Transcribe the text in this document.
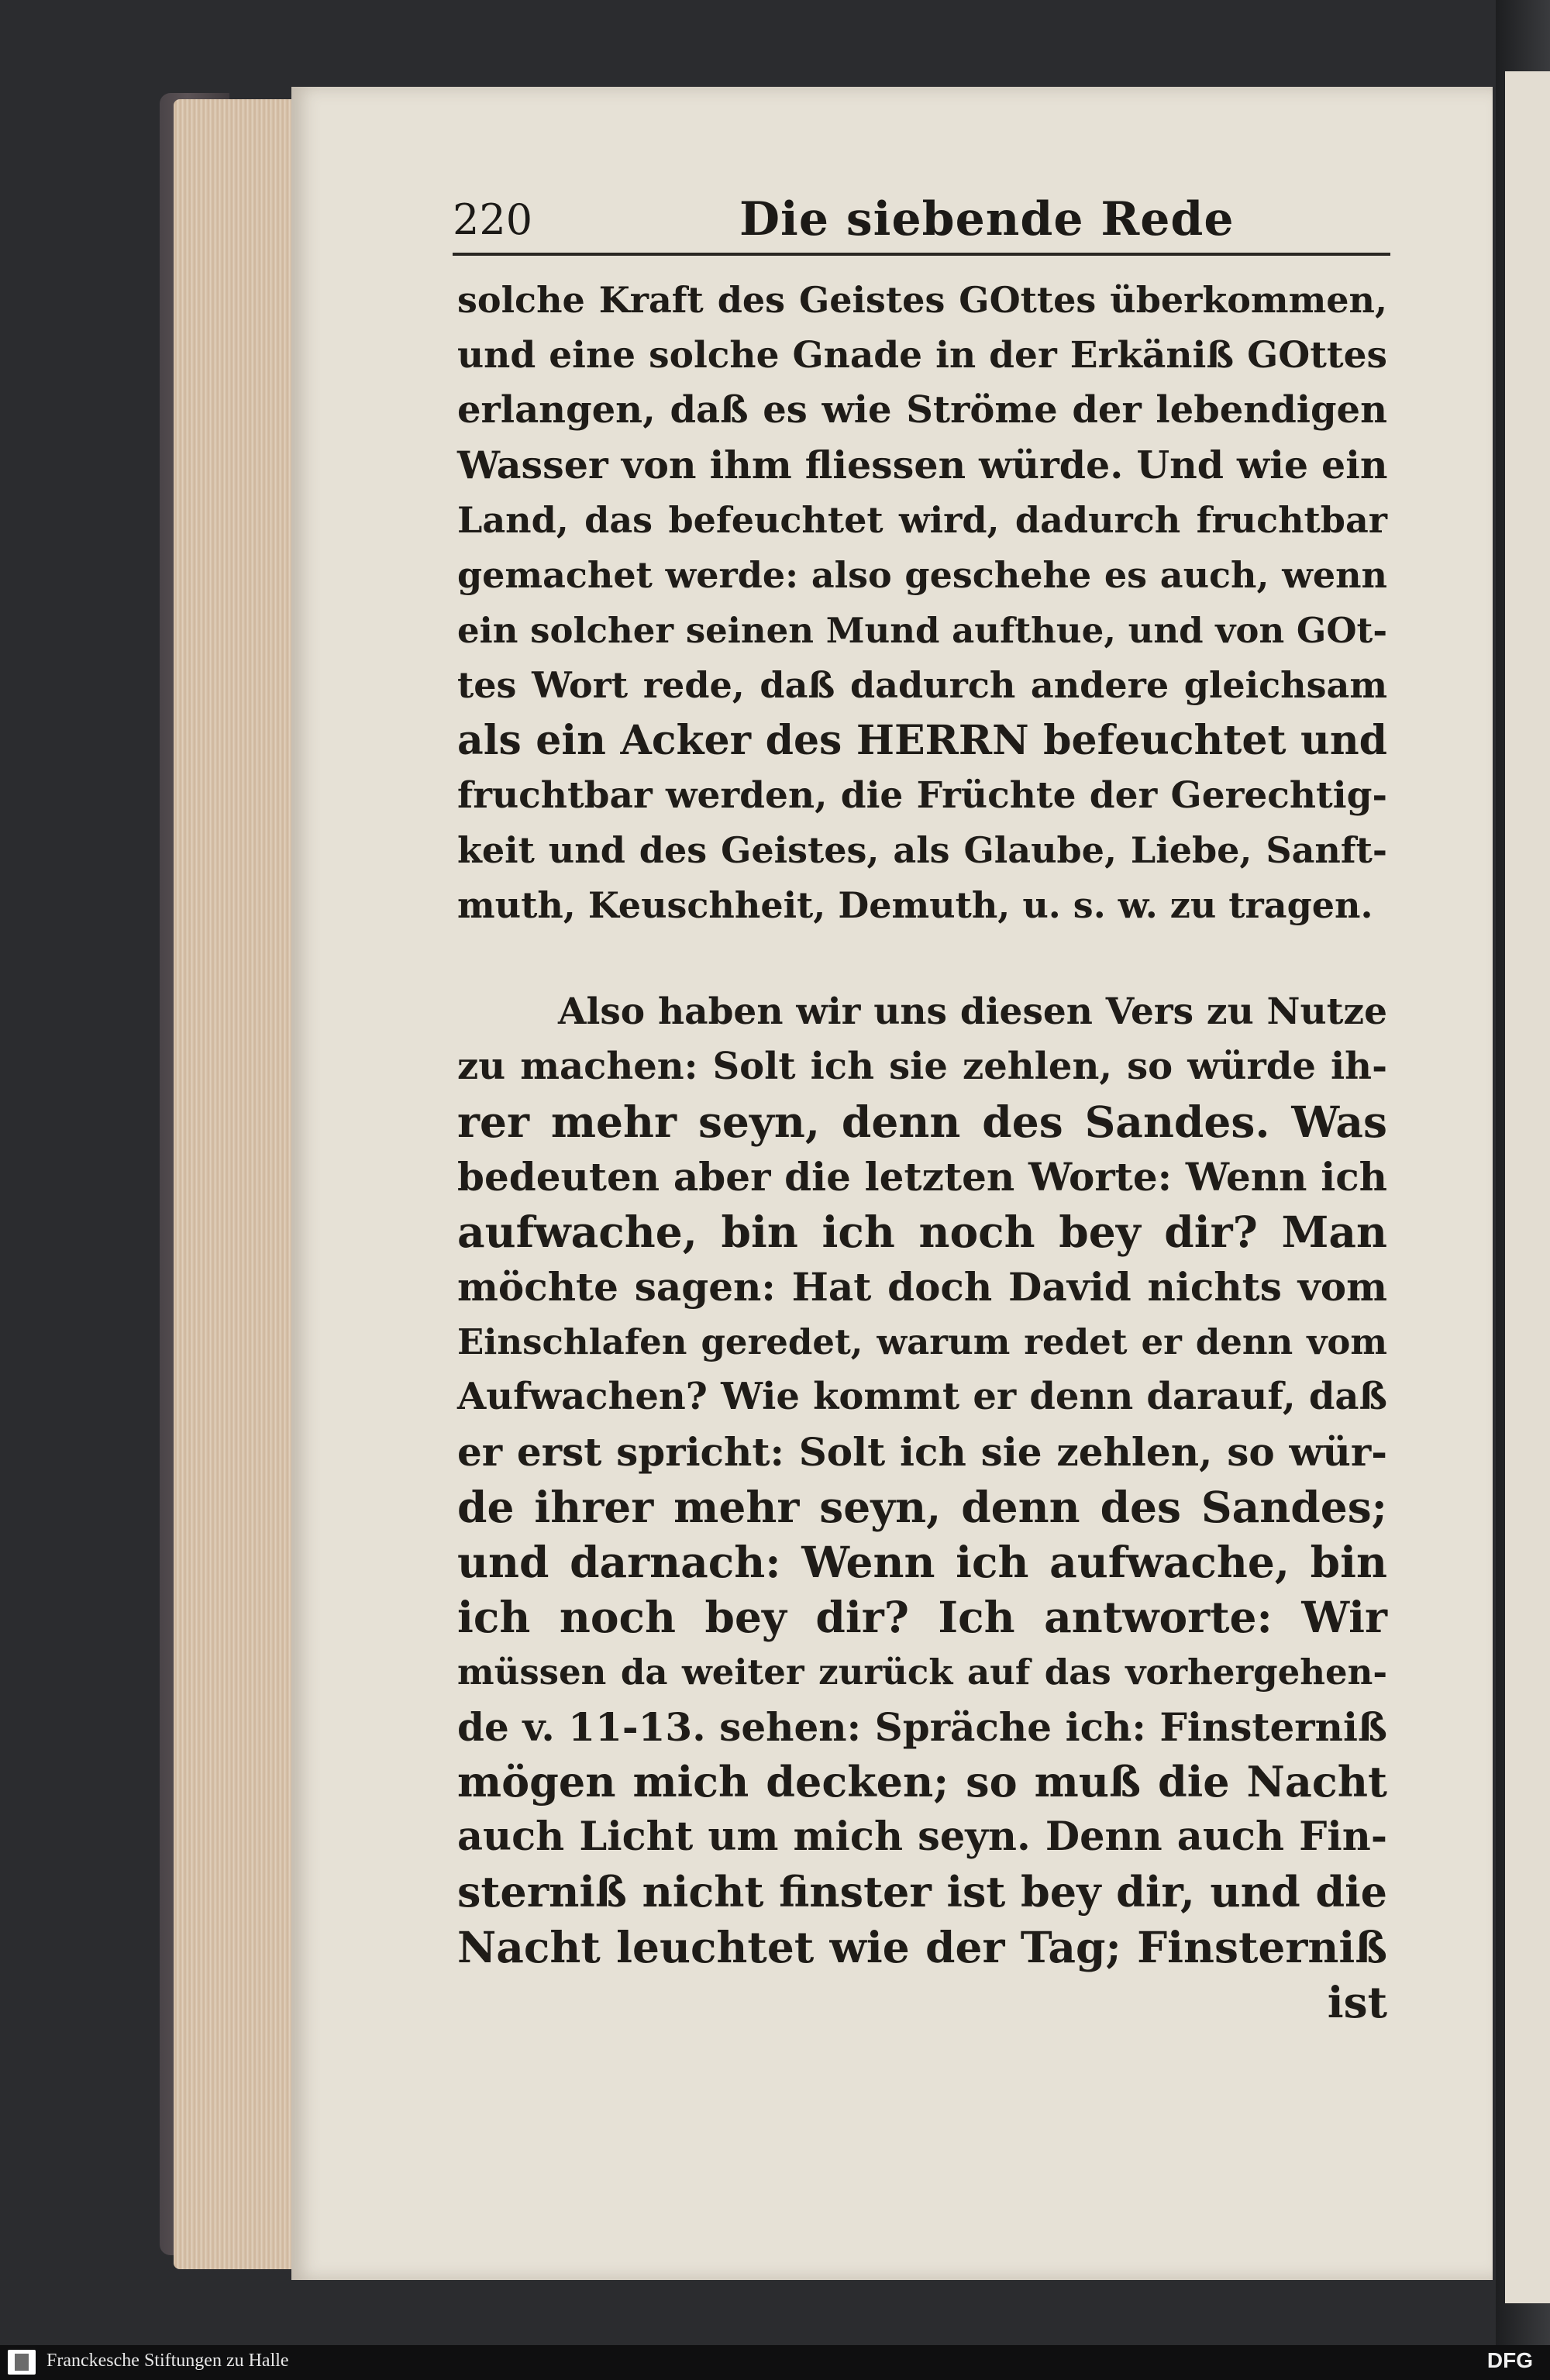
220	Die siebende Rede
solche Kraft des Geistes GOttes überkommen,
und eine solche Gnade in der Erkäniß GOttes
erlangen, daß es wie Ströme der lebendigen
Wasser von ihm fliessen würde. Und wie ein
Land, das befeuchtet wird, dadurch fruchtbar
gemachet werde: also geschehe es auch, wenn
ein solcher seinen Mund aufthue, und von GOt-
tes Wort rede, daß dadurch andere gleichsam
als ein Acker des HERRN befeuchtet und
fruchtbar werden, die Früchte der Gerechtig-
keit und des Geistes, als Glaube, Liebe, Sanft-
muth, Keuschheit, Demuth, u. s. w. zu tragen.
Also haben wir uns diesen Vers zu Nutze
zu machen: Solt ich sie zehlen, so würde ih-
rer mehr seyn, denn des Sandes. Was
bedeuten aber die letzten Worte: Wenn ich
aufwache, bin ich noch bey dir? Man
möchte sagen: Hat doch David nichts vom
Einschlafen geredet, warum redet er denn vom
Aufwachen? Wie kommt er denn darauf, daß
er erst spricht: Solt ich sie zehlen, so wür-
de ihrer mehr seyn, denn des Sandes;
und darnach: Wenn ich aufwache, bin
ich noch bey dir? Ich antworte: Wir
müssen da weiter zurück auf das vorhergehen-
de v. 11-13. sehen: Spräche ich: Finsterniß
mögen mich decken; so muß die Nacht
auch Licht um mich seyn. Denn auch Fin-
sterniß nicht finster ist bey dir, und die
Nacht leuchtet wie der Tag; Finsterniß
ist
Franckesche Stiftungen zu Halle	DFG
